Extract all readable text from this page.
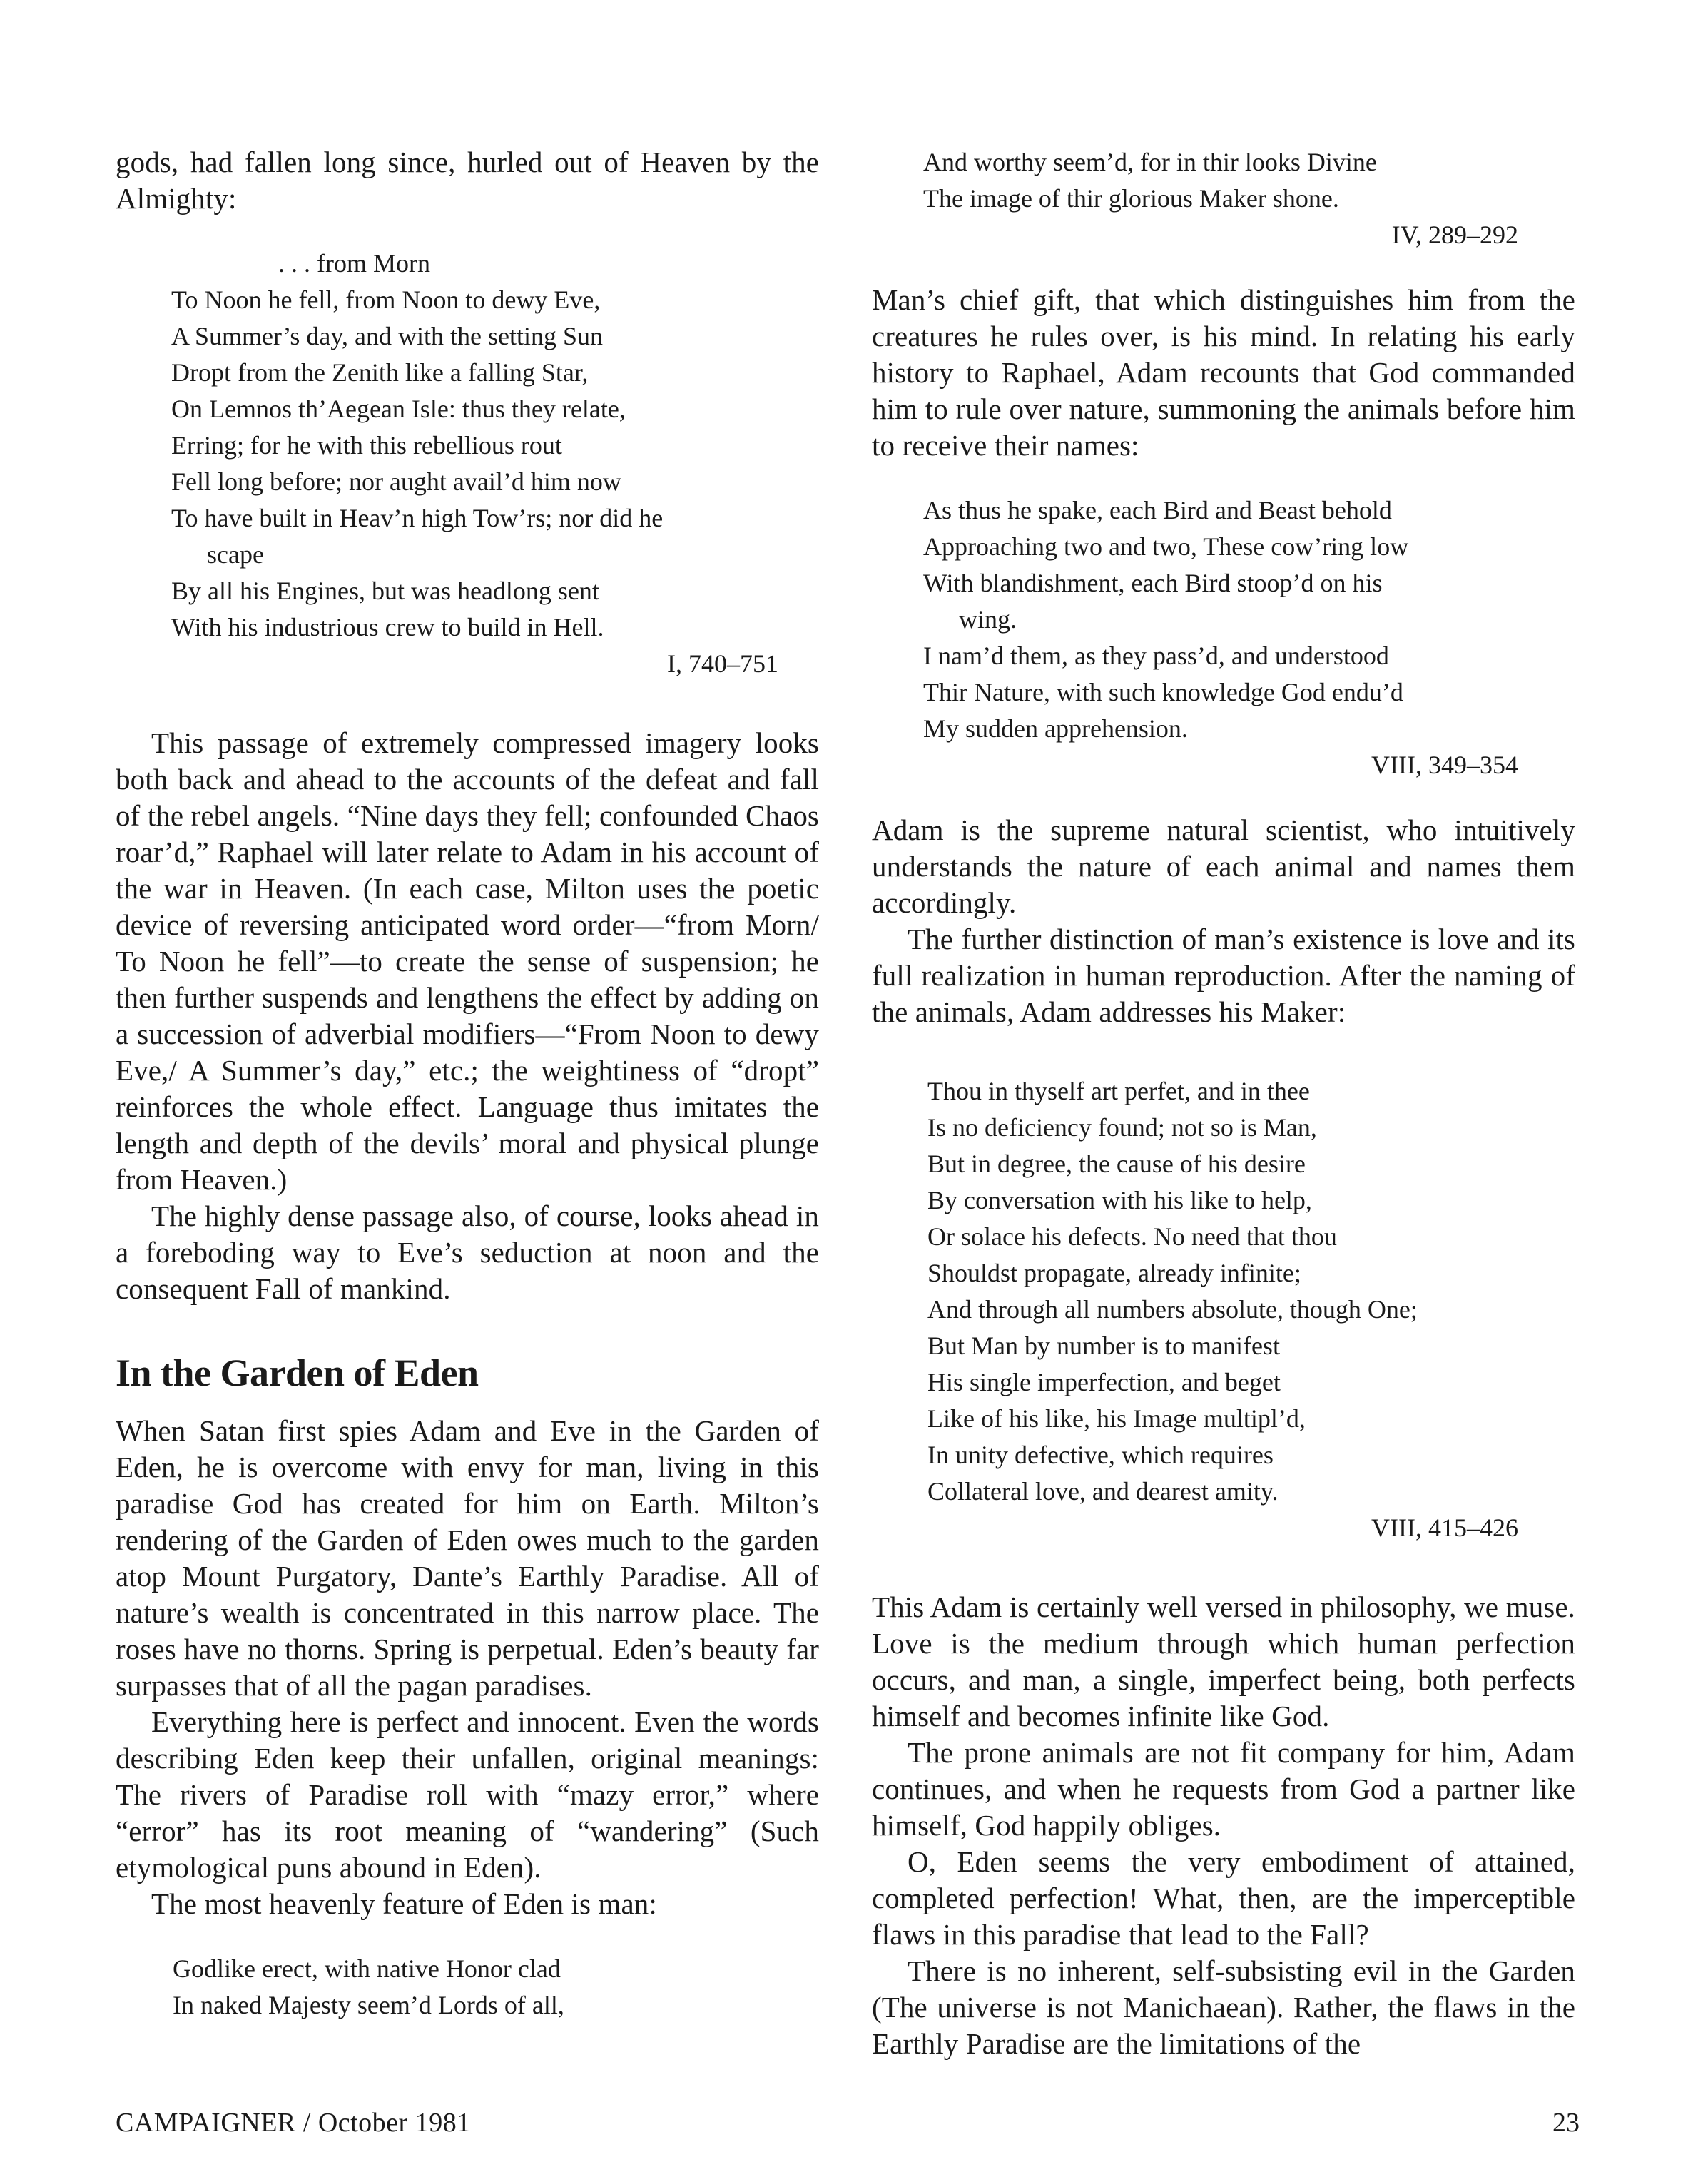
gods, had fallen long since, hurled out of Heaven by the Almighty:

. . . from Morn
To Noon he fell, from Noon to dewy Eve,
A Summer’s day, and with the setting Sun
Dropt from the Zenith like a falling Star,
On Lemnos th’Aegean Isle: thus they relate,
Erring; for he with this rebellious rout
Fell long before; nor aught avail’d him now
To have built in Heav’n high Tow’rs; nor did he
scape
By all his Engines, but was headlong sent
With his industrious crew to build in Hell.
I, 740–751

This passage of extremely compressed imagery looks both back and ahead to the accounts of the defeat and fall of the rebel angels. “Nine days they fell; confounded Chaos roar’d,” Raphael will later relate to Adam in his account of the war in Heaven. (In each case, Milton uses the poetic device of reversing anticipated word order—“from Morn/ To Noon he fell”—to create the sense of suspension; he then further suspends and lengthens the effect by adding on a succession of adverbial modifiers—“From Noon to dewy Eve,/ A Summer’s day,” etc.; the weightiness of “dropt” reinforces the whole effect. Language thus imitates the length and depth of the devils’ moral and physical plunge from Heaven.)

The highly dense passage also, of course, looks ahead in a foreboding way to Eve’s seduction at noon and the consequent Fall of mankind.

In the Garden of Eden

When Satan first spies Adam and Eve in the Garden of Eden, he is overcome with envy for man, living in this paradise God has created for him on Earth. Milton’s rendering of the Garden of Eden owes much to the garden atop Mount Purgatory, Dante’s Earthly Paradise. All of nature’s wealth is concentrated in this narrow place. The roses have no thorns. Spring is perpetual. Eden’s beauty far surpasses that of all the pagan paradises.

Everything here is perfect and innocent. Even the words describing Eden keep their unfallen, original meanings: The rivers of Paradise roll with “mazy error,” where “error” has its root meaning of “wandering” (Such etymological puns abound in Eden).

The most heavenly feature of Eden is man:

Godlike erect, with native Honor clad
In naked Majesty seem’d Lords of all,
And worthy seem’d, for in thir looks Divine
The image of thir glorious Maker shone.
IV, 289–292

Man’s chief gift, that which distinguishes him from the creatures he rules over, is his mind. In relating his early history to Raphael, Adam recounts that God commanded him to rule over nature, summoning the animals before him to receive their names:

As thus he spake, each Bird and Beast behold
Approaching two and two, These cow’ring low
With blandishment, each Bird stoop’d on his
wing.
I nam’d them, as they pass’d, and understood
Thir Nature, with such knowledge God endu’d
My sudden apprehension.
VIII, 349–354

Adam is the supreme natural scientist, who intuitively understands the nature of each animal and names them accordingly.

The further distinction of man’s existence is love and its full realization in human reproduction. After the naming of the animals, Adam addresses his Maker:

Thou in thyself art perfet, and in thee
Is no deficiency found; not so is Man,
But in degree, the cause of his desire
By conversation with his like to help,
Or solace his defects. No need that thou
Shouldst propagate, already infinite;
And through all numbers absolute, though One;
But Man by number is to manifest
His single imperfection, and beget
Like of his like, his Image multipl’d,
In unity defective, which requires
Collateral love, and dearest amity.
VIII, 415–426

This Adam is certainly well versed in philosophy, we muse. Love is the medium through which human perfection occurs, and man, a single, imperfect being, both perfects himself and becomes infinite like God.

The prone animals are not fit company for him, Adam continues, and when he requests from God a partner like himself, God happily obliges.

O, Eden seems the very embodiment of attained, completed perfection! What, then, are the imperceptible flaws in this paradise that lead to the Fall?

There is no inherent, self-subsisting evil in the Garden (The universe is not Manichaean). Rather, the flaws in the Earthly Paradise are the limitations of the

CAMPAIGNER / October 1981	23
